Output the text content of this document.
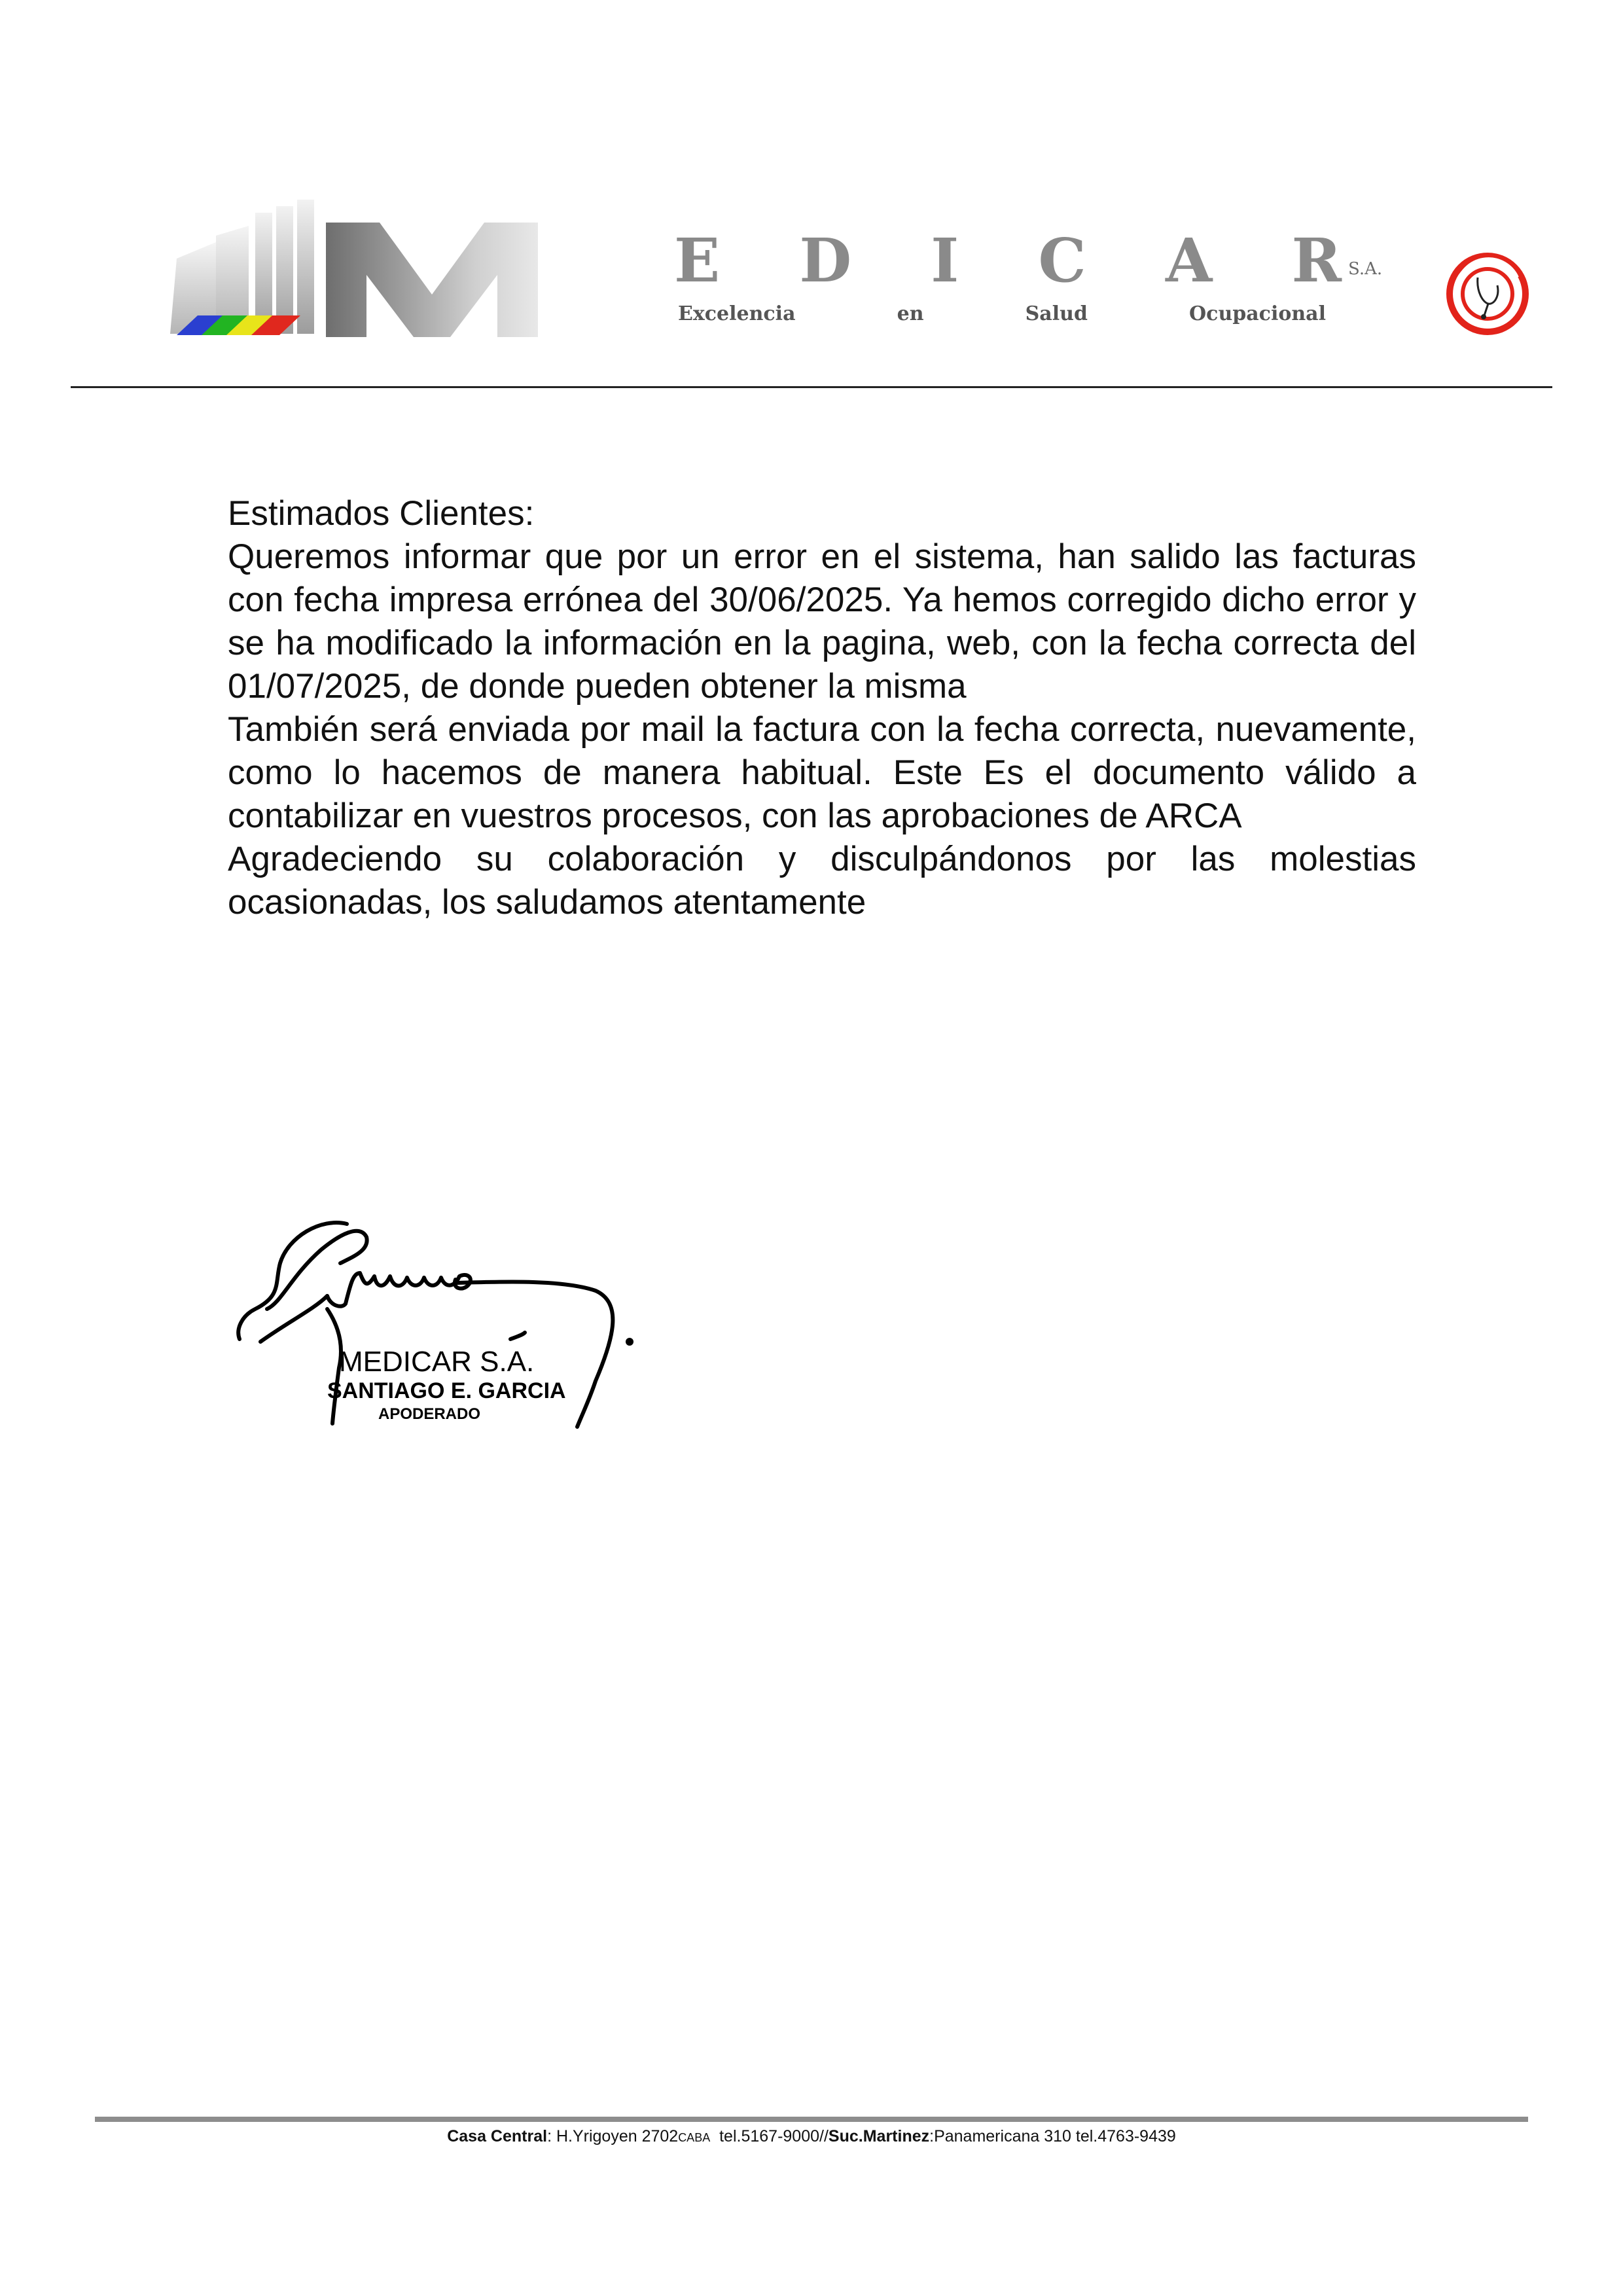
E D I C A R S.A.
Excelencia	en	Salud	Ocupacional

Estimados Clientes:

Queremos informar que por un error en el sistema, han salido las facturas con fecha impresa errónea del 30/06/2025. Ya hemos corregido dicho error y se ha modificado la información en la pagina, web, con la fecha correcta del 01/07/2025, de donde pueden obtener la misma

También será enviada por mail la factura con la fecha correcta, nuevamente, como lo hacemos de manera habitual. Este Es el documento válido a contabilizar en vuestros procesos, con las aprobaciones de ARCA

Agradeciendo su colaboración y disculpándonos por las molestias ocasionadas, los saludamos atentamente

MEDICAR S.A.
SANTIAGO E. GARCIA
APODERADO
Casa Central: H.Yrigoyen 2702CABA  tel.5167-9000//Suc.Martinez:Panamericana 310 tel.4763-9439
